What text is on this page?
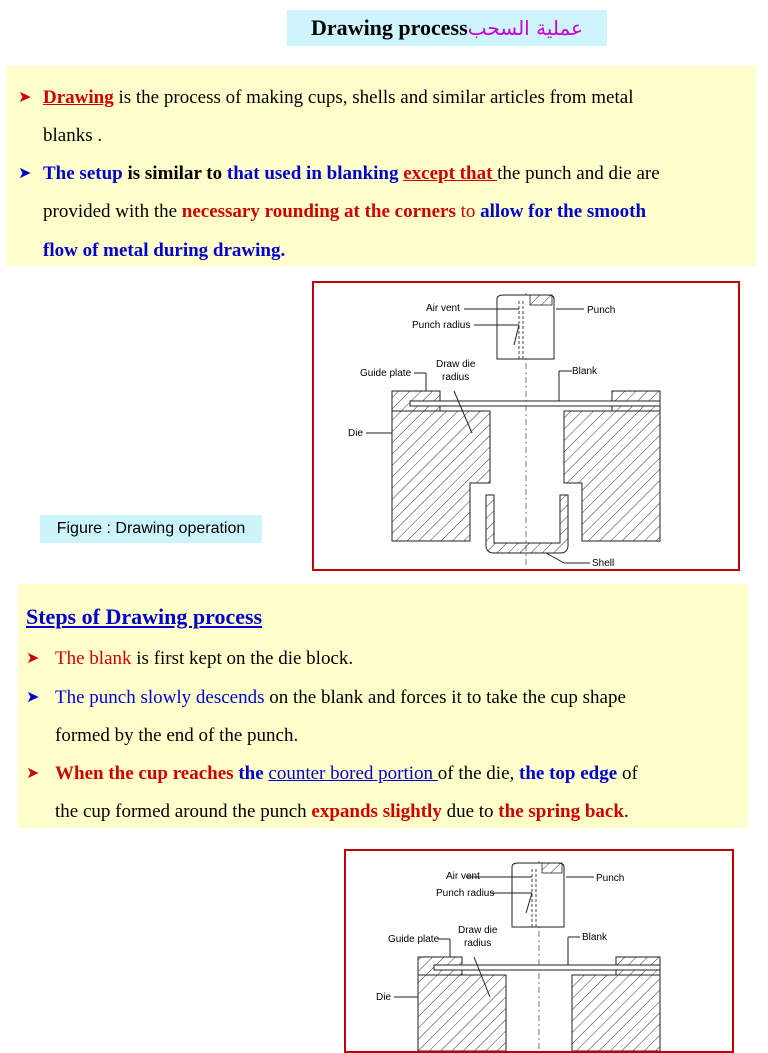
Drawing process عملية السحب
➤ Drawing is the process of making cups, shells and similar articles from metal
blanks .
➤ The setup is similar to that used in blanking except that the punch and die are
provided with the necessary rounding at the corners to allow for the smooth
flow of metal during drawing.
Air vent
Punch radius
Punch
Draw die
radius
Guide plate	Blank
Die
Shell
Figure : Drawing operation
Steps of Drawing process
➤ The blank is first kept on the die block.
➤ The punch slowly descends on the blank and forces it to take the cup shape
formed by the end of the punch.
➤ When the cup reaches the counter bored portion of the die, the top edge of
the cup formed around the punch expands slightly due to the spring back.
Air vent
Punch radius
Punch
Draw die
radius
Guide plate	Blank
Die
